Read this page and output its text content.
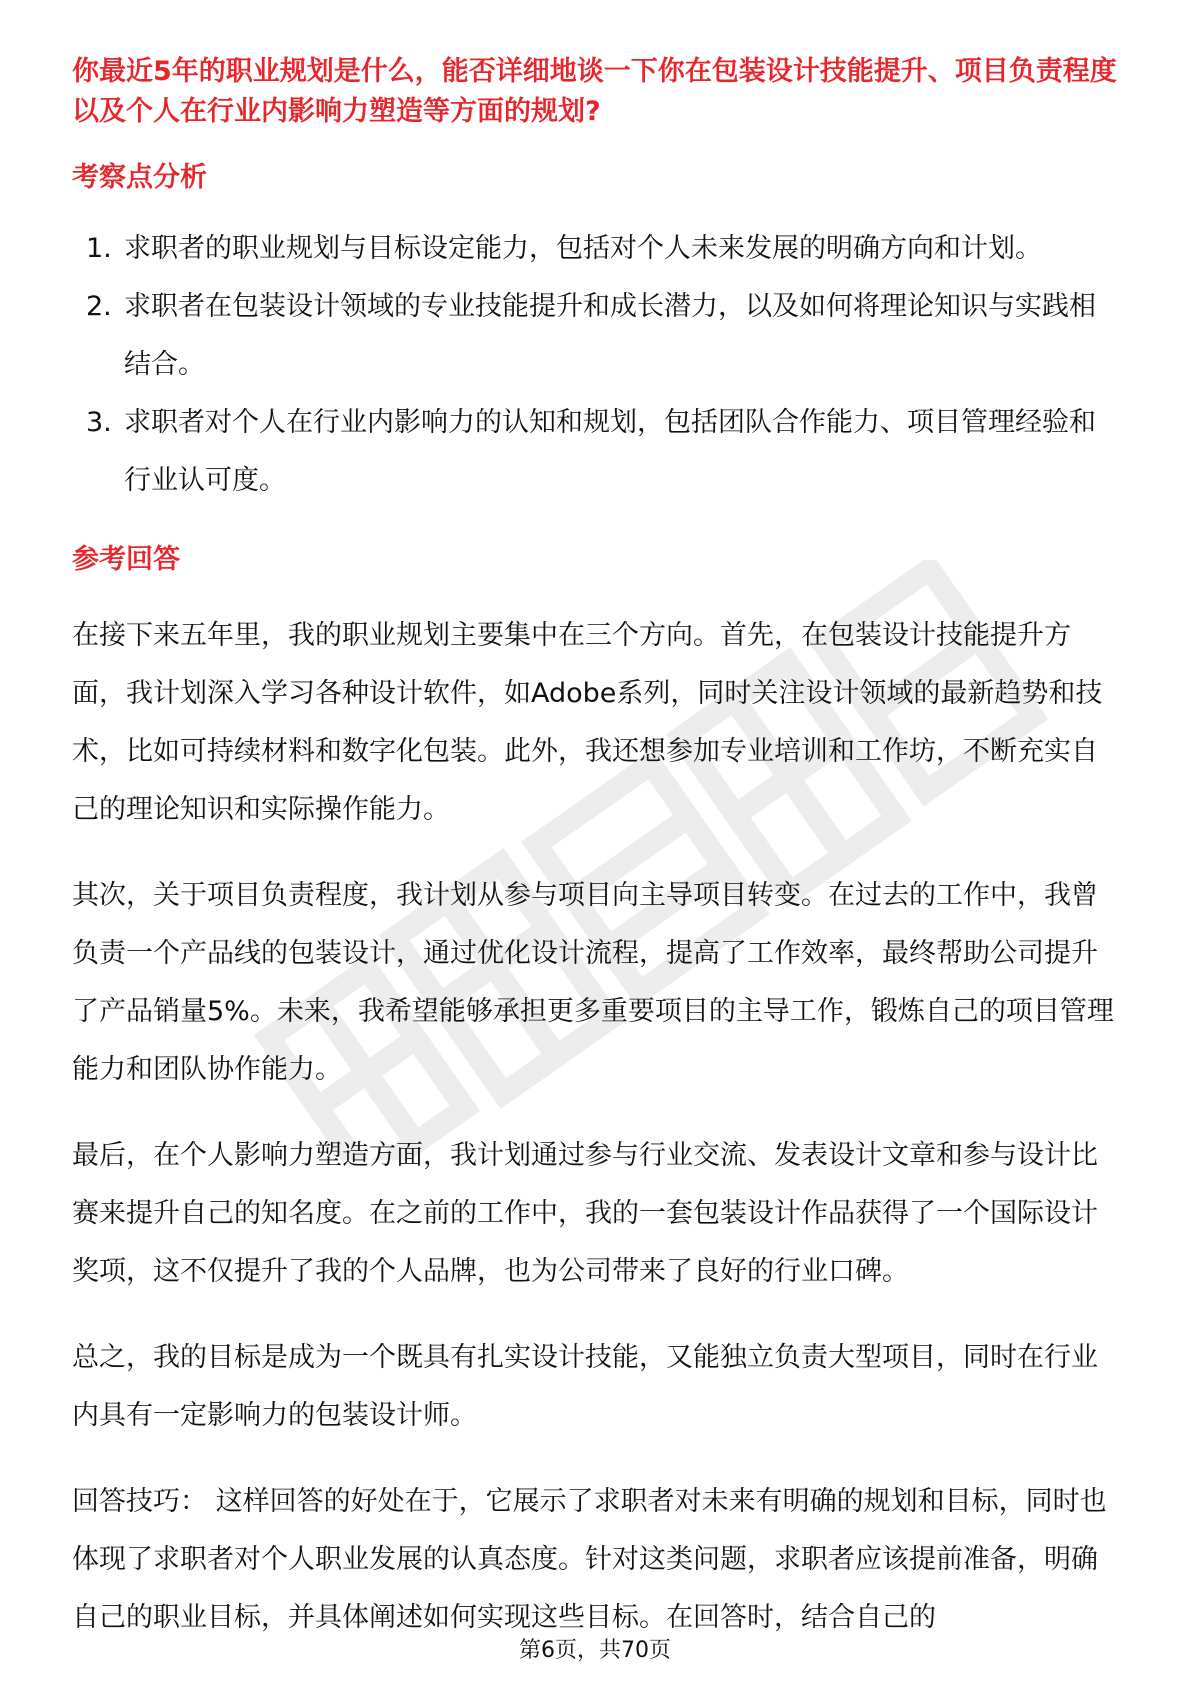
你最近5年的职业规划是什么，能否详细地谈一下你在包装设计技能提升、项目负责程度以及个人在行业内影响力塑造等方面的规划?

考察点分析
1. 求职者的职业规划与目标设定能力，包括对个人未来发展的明确方向和计划。
2. 求职者在包装设计领域的专业技能提升和成长潜力，以及如何将理论知识与实践相结合。
3. 求职者对个人在行业内影响力的认知和规划，包括团队合作能力、项目管理经验和行业认可度。
参考回答

在接下来五年里，我的职业规划主要集中在三个方向。首先，在包装设计技能提升方面，我计划深入学习各种设计软件，如Adobe系列，同时关注设计领域的最新趋势和技术，比如可持续材料和数字化包装。此外，我还想参加专业培训和工作坊，不断充实自己的理论知识和实际操作能力。

其次，关于项目负责程度，我计划从参与项目向主导项目转变。在过去的工作中，我曾负责一个产品线的包装设计，通过优化设计流程，提高了工作效率，最终帮助公司提升了产品销量5%。未来，我希望能够承担更多重要项目的主导工作，锻炼自己的项目管理能力和团队协作能力。

最后，在个人影响力塑造方面，我计划通过参与行业交流、发表设计文章和参与设计比赛来提升自己的知名度。在之前的工作中，我的一套包装设计作品获得了一个国际设计奖项，这不仅提升了我的个人品牌，也为公司带来了良好的行业口碑。

总之，我的目标是成为一个既具有扎实设计技能，又能独立负责大型项目，同时在行业内具有一定影响力的包装设计师。

回答技巧： 这样回答的好处在于，它展示了求职者对未来有明确的规划和目标，同时也体现了求职者对个人职业发展的认真态度。针对这类问题，求职者应该提前准备，明确自己的职业目标，并具体阐述如何实现这些目标。在回答时，结合自己的

第6页，共70页
